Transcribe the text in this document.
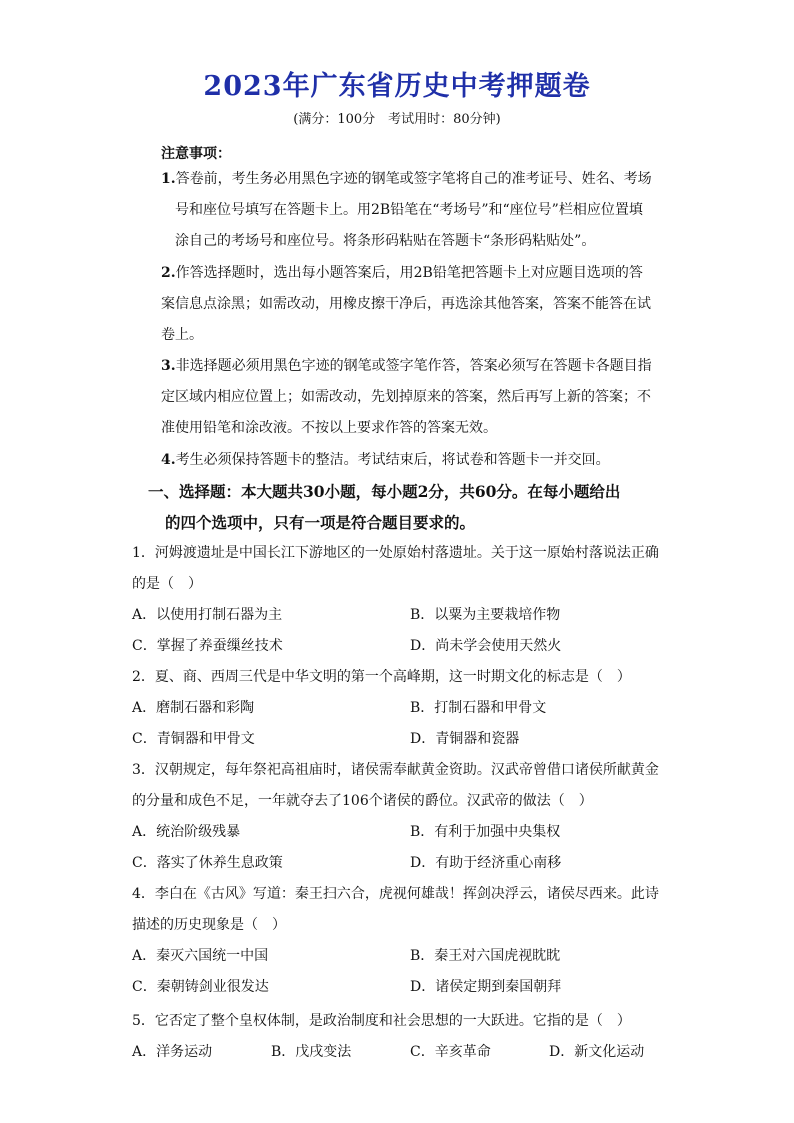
2023年广东省历史中考押题卷
(满分：100分　考试用时：80分钟)
注意事项：
1.答卷前，考生务必用黑色字迹的钢笔或签字笔将自己的准考证号、姓名、考场
号和座位号填写在答题卡上。用2B铅笔在“考场号”和“座位号”栏相应位置填
涂自己的考场号和座位号。将条形码粘贴在答题卡“条形码粘贴处”。
2.作答选择题时，选出每小题答案后，用2B铅笔把答题卡上对应题目选项的答
案信息点涂黑；如需改动，用橡皮擦干净后，再选涂其他答案，答案不能答在试
卷上。
3.非选择题必须用黑色字迹的钢笔或签字笔作答，答案必须写在答题卡各题目指
定区域内相应位置上；如需改动，先划掉原来的答案，然后再写上新的答案；不
准使用铅笔和涂改液。不按以上要求作答的答案无效。
4.考生必须保持答题卡的整洁。考试结束后，将试卷和答题卡一并交回。
一、选择题：本大题共30小题，每小题2分，共60分。在每小题给出
的四个选项中，只有一项是符合题目要求的。
1．河姆渡遗址是中国长江下游地区的一处原始村落遗址。关于这一原始村落说法正确
的是（　）
A．以使用打制石器为主	B．以粟为主要栽培作物
C．掌握了养蚕缫丝技术	D．尚未学会使用天然火
2．夏、商、西周三代是中华文明的第一个高峰期，这一时期文化的标志是（　）
A．磨制石器和彩陶	B．打制石器和甲骨文
C．青铜器和甲骨文	D．青铜器和瓷器
3．汉朝规定，每年祭祀高祖庙时，诸侯需奉献黄金资助。汉武帝曾借口诸侯所献黄金
的分量和成色不足，一年就夺去了106个诸侯的爵位。汉武帝的做法（　）
A．统治阶级残暴	B．有利于加强中央集权
C．落实了休养生息政策	D．有助于经济重心南移
4．李白在《古风》写道：秦王扫六合，虎视何雄哉！挥剑决浮云，诸侯尽西来。此诗
描述的历史现象是（　）
A．秦灭六国统一中国	B．秦王对六国虎视眈眈
C．秦朝铸剑业很发达	D．诸侯定期到秦国朝拜
5．它否定了整个皇权体制，是政治制度和社会思想的一大跃进。它指的是（　）
A．洋务运动	B．戊戌变法	C．辛亥革命	D．新文化运动
